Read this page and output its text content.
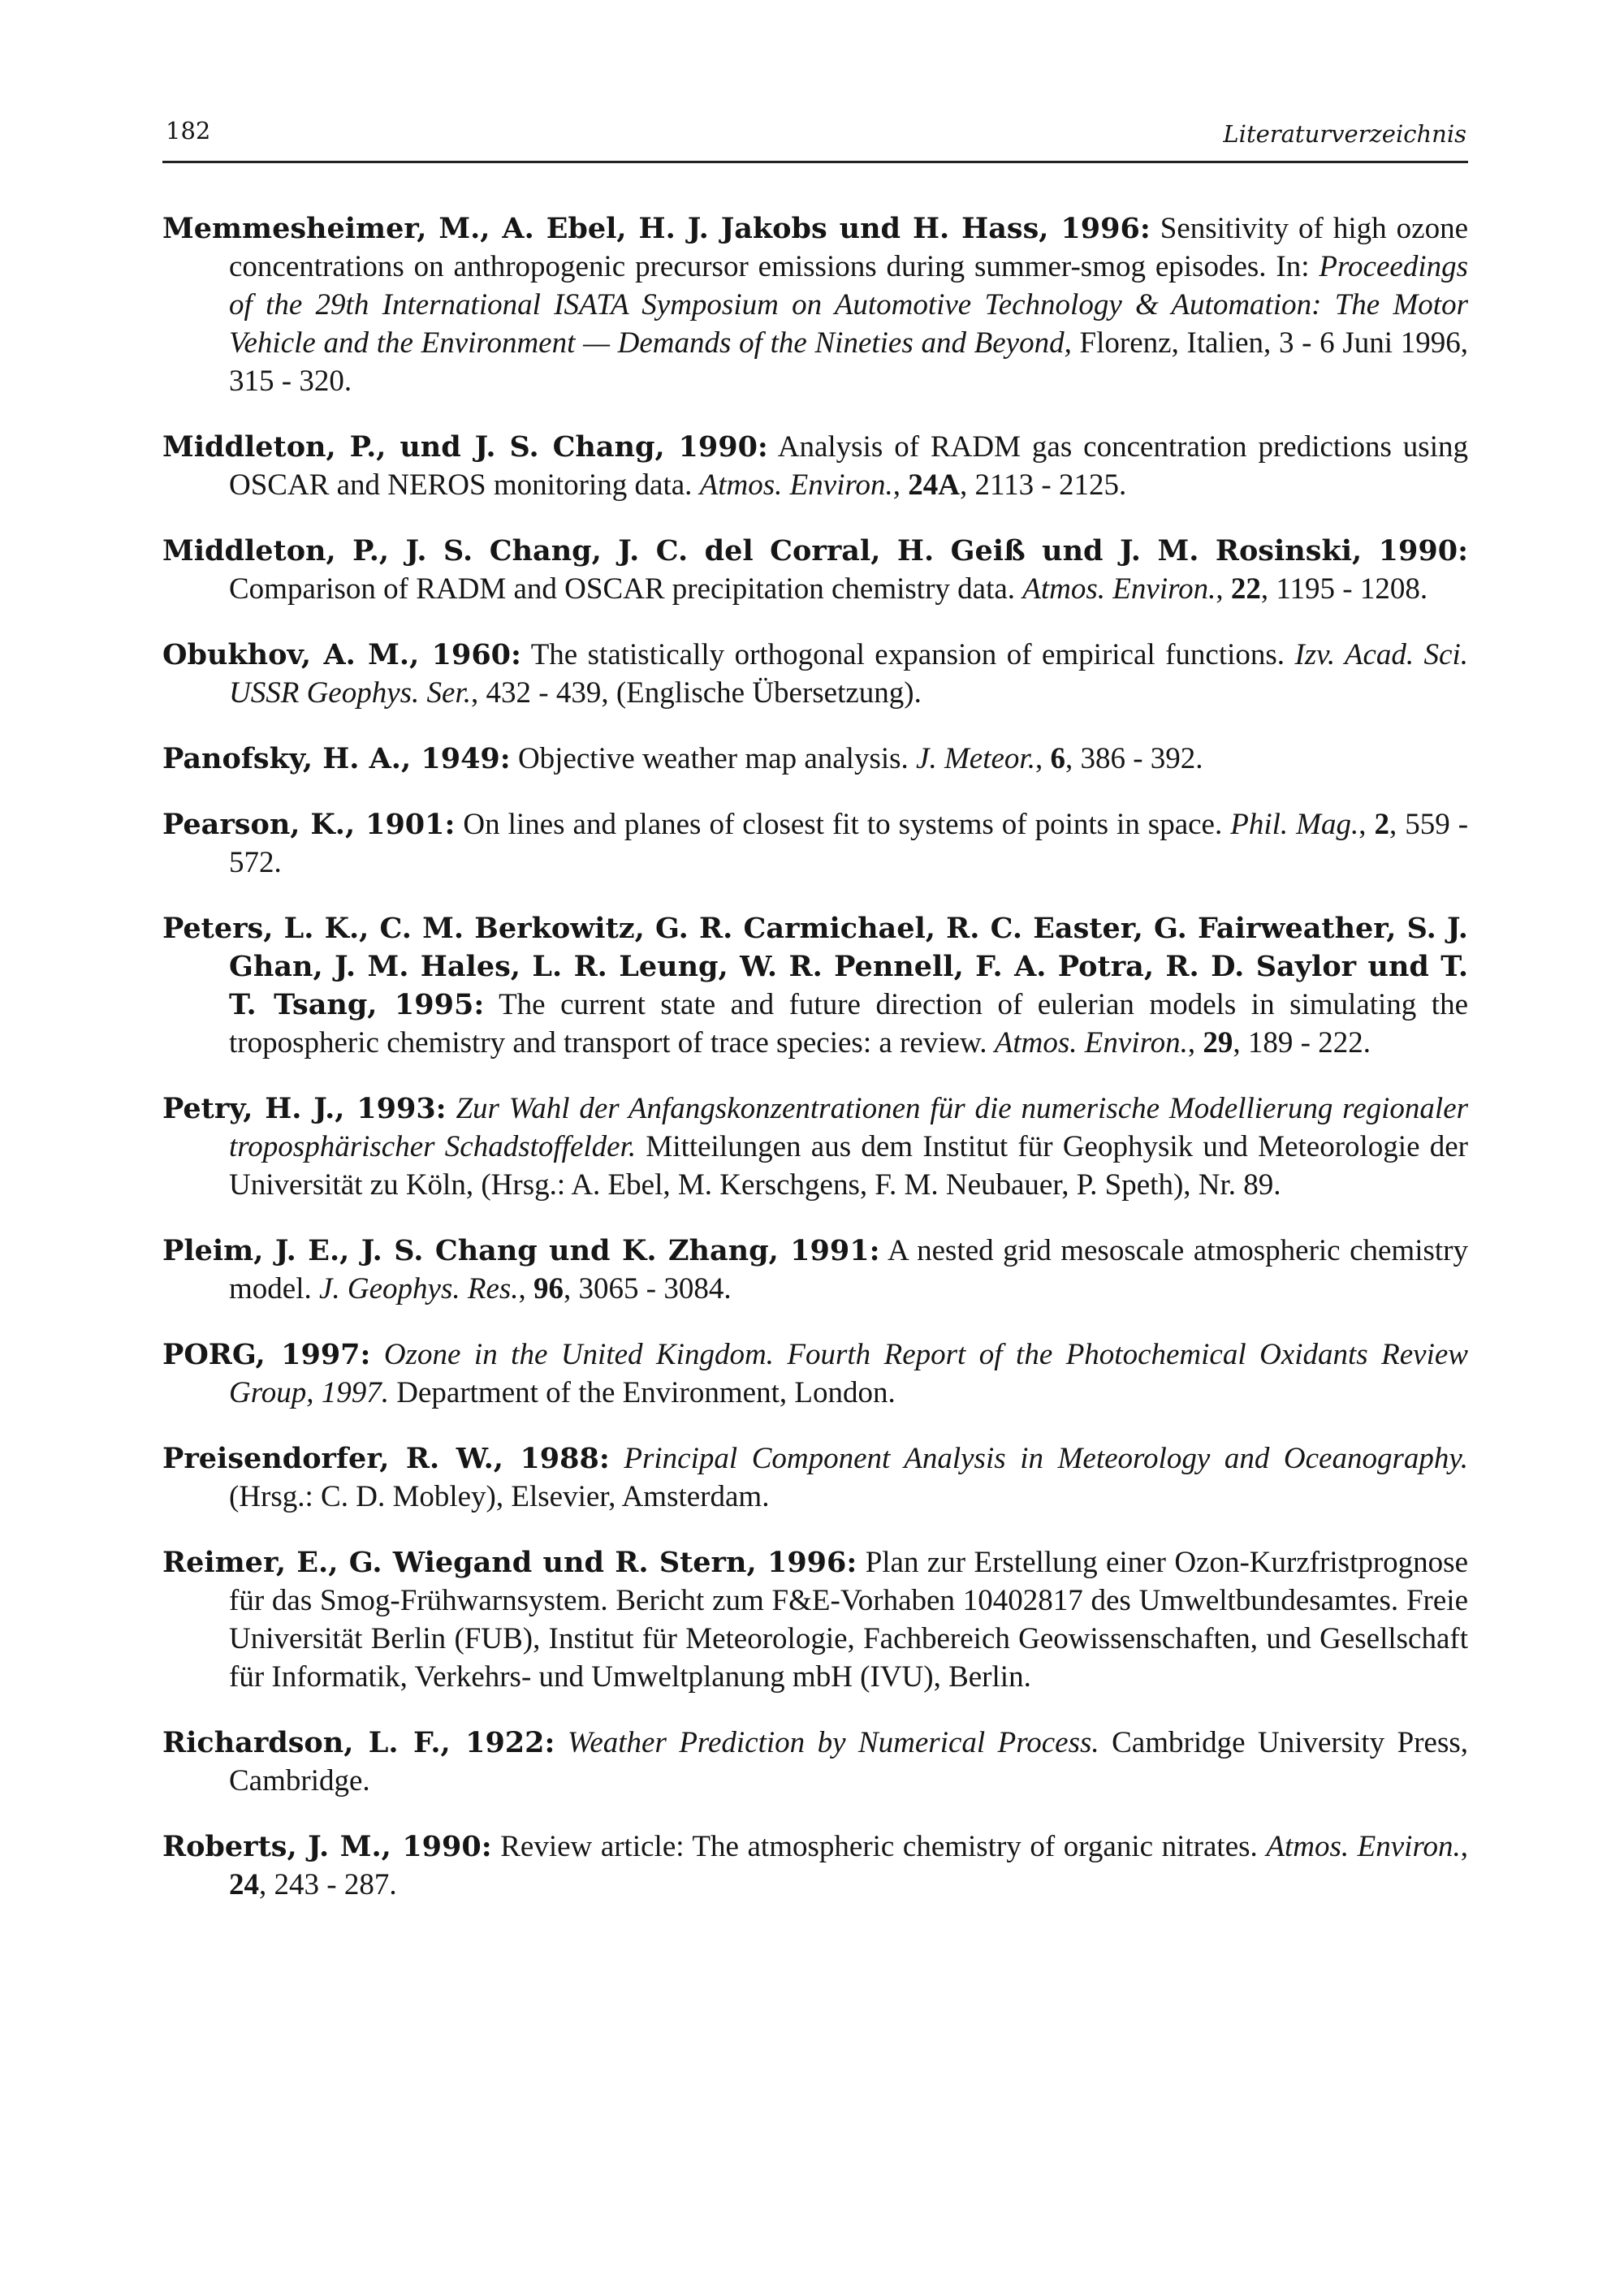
182	Literaturverzeichnis

Memmesheimer, M., A. Ebel, H. J. Jakobs und H. Hass, 1996: Sensitivity of high ozone concentrations on anthropogenic precursor emissions during summer-smog episodes. In: Proceedings of the 29th International ISATA Symposium on Automotive Technology & Automation: The Motor Vehicle and the Environment — Demands of the Nineties and Beyond, Florenz, Italien, 3 - 6 Juni 1996, 315 - 320.

Middleton, P., und J. S. Chang, 1990: Analysis of RADM gas concentration predictions using OSCAR and NEROS monitoring data. Atmos. Environ., 24A, 2113 - 2125.

Middleton, P., J. S. Chang, J. C. del Corral, H. Geiß und J. M. Rosinski, 1990: Comparison of RADM and OSCAR precipitation chemistry data. Atmos. Environ., 22, 1195 - 1208.

Obukhov, A. M., 1960: The statistically orthogonal expansion of empirical functions. Izv. Acad. Sci. USSR Geophys. Ser., 432 - 439, (Englische Übersetzung).

Panofsky, H. A., 1949: Objective weather map analysis. J. Meteor., 6, 386 - 392.

Pearson, K., 1901: On lines and planes of closest fit to systems of points in space. Phil. Mag., 2, 559 - 572.

Peters, L. K., C. M. Berkowitz, G. R. Carmichael, R. C. Easter, G. Fairweather, S. J. Ghan, J. M. Hales, L. R. Leung, W. R. Pennell, F. A. Potra, R. D. Saylor und T. T. Tsang, 1995: The current state and future direction of eulerian models in simulating the tropospheric chemistry and transport of trace species: a review. Atmos. Environ., 29, 189 - 222.

Petry, H. J., 1993: Zur Wahl der Anfangskonzentrationen für die numerische Modellierung regionaler troposphärischer Schadstoffelder. Mitteilungen aus dem Institut für Geophysik und Meteorologie der Universität zu Köln, (Hrsg.: A. Ebel, M. Kerschgens, F. M. Neubauer, P. Speth), Nr. 89.

Pleim, J. E., J. S. Chang und K. Zhang, 1991: A nested grid mesoscale atmospheric chemistry model. J. Geophys. Res., 96, 3065 - 3084.

PORG, 1997: Ozone in the United Kingdom. Fourth Report of the Photochemical Oxidants Review Group, 1997. Department of the Environment, London.

Preisendorfer, R. W., 1988: Principal Component Analysis in Meteorology and Oceanography. (Hrsg.: C. D. Mobley), Elsevier, Amsterdam.

Reimer, E., G. Wiegand und R. Stern, 1996: Plan zur Erstellung einer Ozon-Kurzfristprognose für das Smog-Frühwarnsystem. Bericht zum F&E-Vorhaben 10402817 des Umweltbundesamtes. Freie Universität Berlin (FUB), Institut für Meteorologie, Fachbereich Geowissenschaften, und Gesellschaft für Informatik, Verkehrs- und Umweltplanung mbH (IVU), Berlin.

Richardson, L. F., 1922: Weather Prediction by Numerical Process. Cambridge University Press, Cambridge.

Roberts, J. M., 1990: Review article: The atmospheric chemistry of organic nitrates. Atmos. Environ., 24, 243 - 287.
